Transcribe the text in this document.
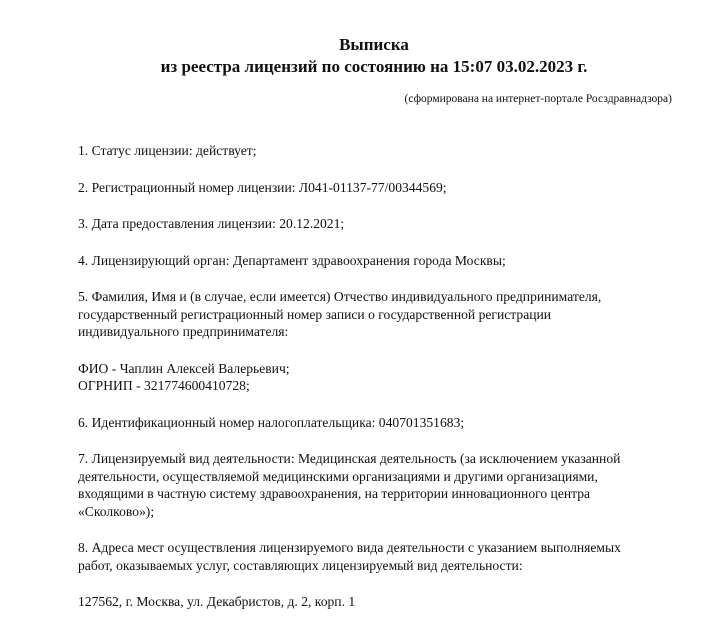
Выписка

из реестра лицензий по состоянию на 15:07 03.02.2023 г.

(сформирована на интернет-портале Росздравнадзора)

1. Статус лицензии: действует;

2. Регистрационный номер лицензии: Л041-01137-77/00344569;

3. Дата предоставления лицензии: 20.12.2021;

4. Лицензирующий орган: Департамент здравоохранения города Москвы;

5. Фамилия, Имя и (в случае, если имеется) Отчество индивидуального предпринимателя,

государственный регистрационный номер записи о государственной регистрации

индивидуального предпринимателя:

ФИО - Чаплин Алексей Валерьевич;

ОГРНИП - 321774600410728;

6. Идентификационный номер налогоплательщика: 040701351683;

7. Лицензируемый вид деятельности: Медицинская деятельность (за исключением указанной

деятельности, осуществляемой медицинскими организациями и другими организациями,

входящими в частную систему здравоохранения, на территории инновационного центра

«Сколково»);

8. Адреса мест осуществления лицензируемого вида деятельности с указанием выполняемых

работ, оказываемых услуг, составляющих лицензируемый вид деятельности:

127562, г. Москва, ул. Декабристов, д. 2, корп. 1
